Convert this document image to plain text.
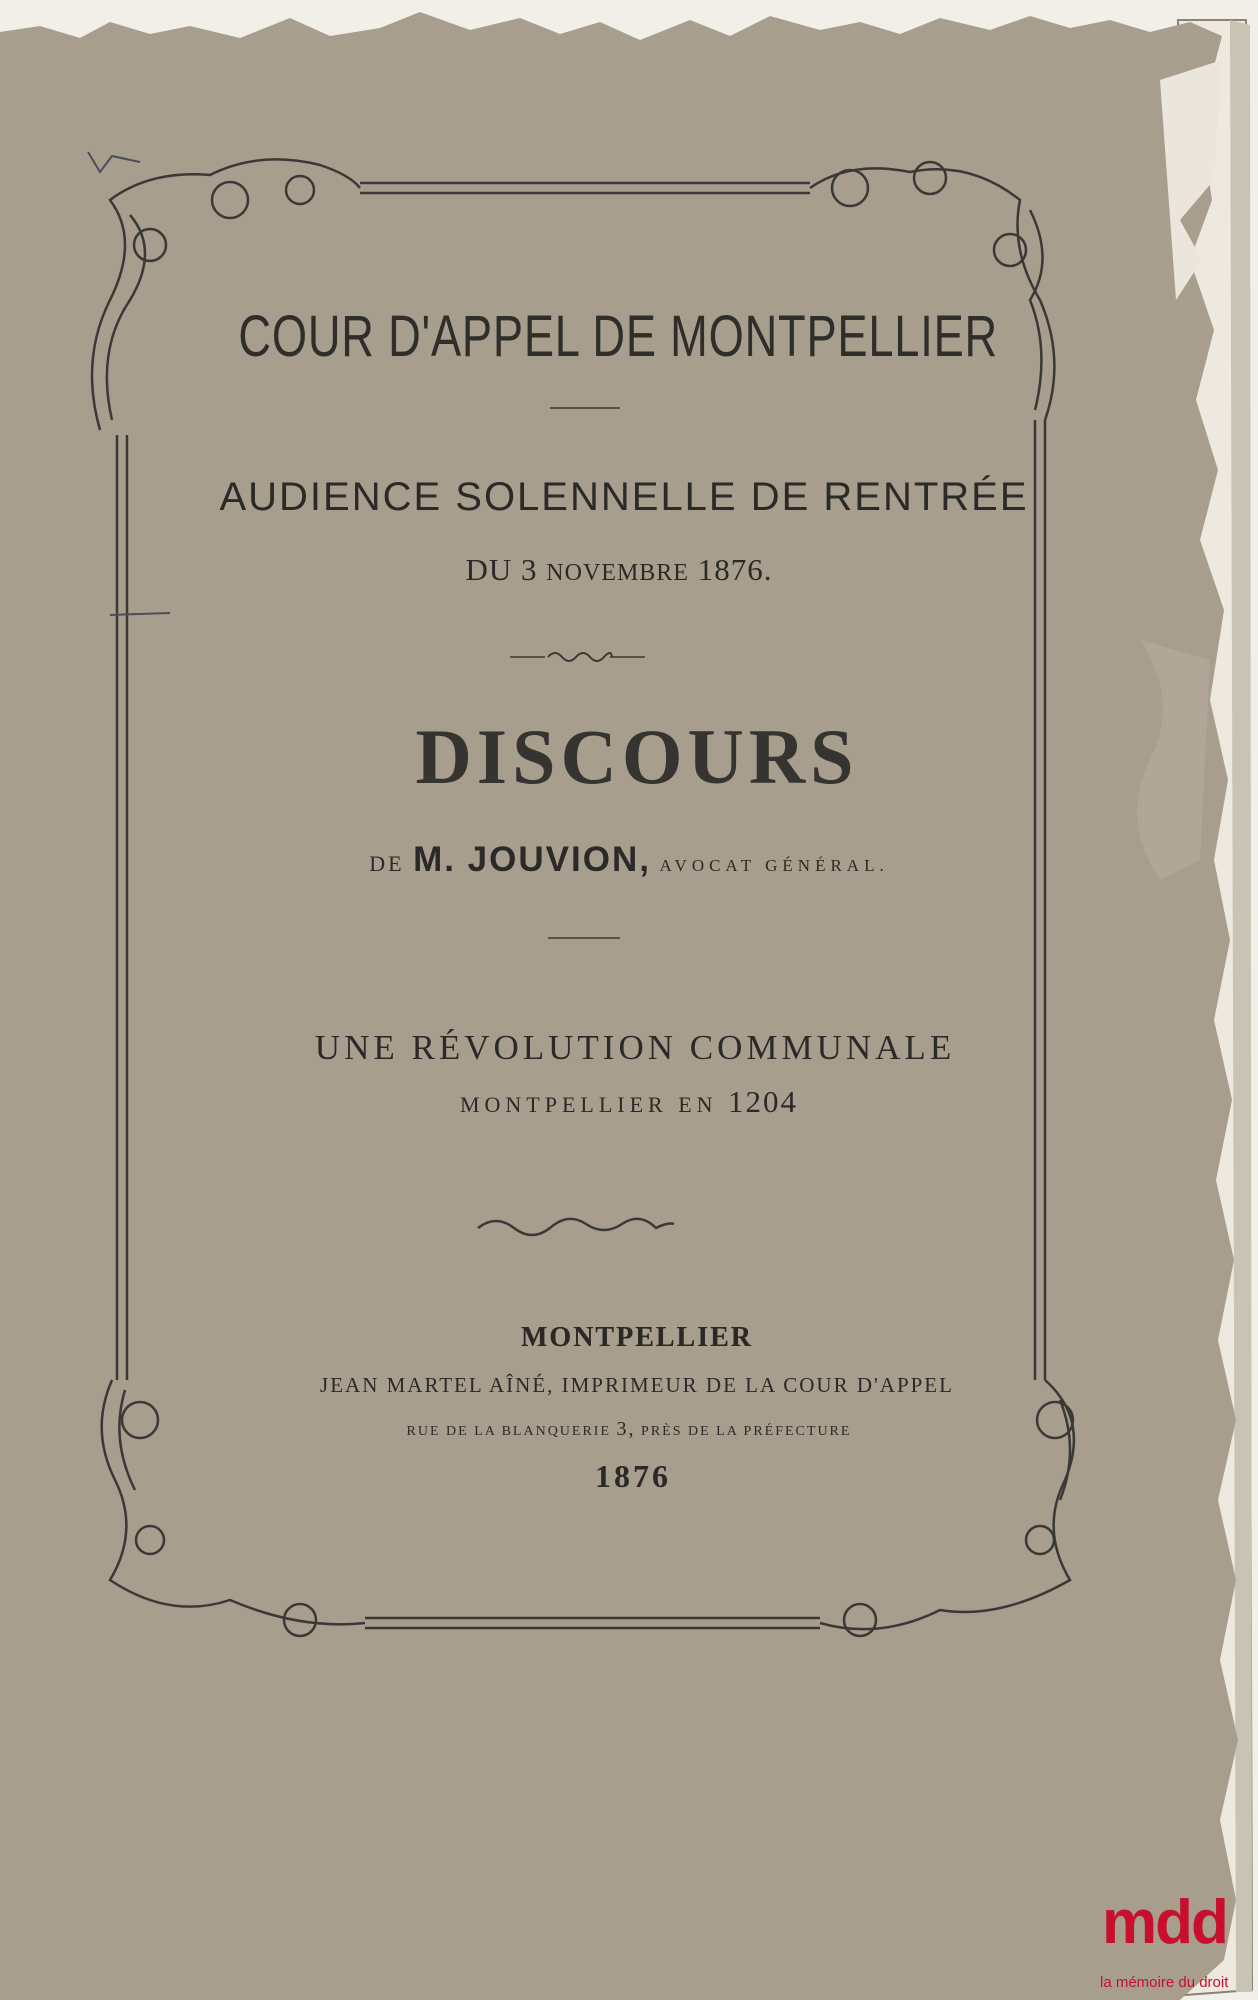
COUR D'APPEL DE MONTPELLIER
AUDIENCE SOLENNELLE DE RENTRÉE
DU 3 NOVEMBRE 1876.
DISCOURS
DE M. JOUVION, AVOCAT GÉNÉRAL.
UNE RÉVOLUTION COMMUNALE
MONTPELLIER EN 1204
MONTPELLIER
JEAN MARTEL AÎNÉ, IMPRIMEUR DE LA COUR D'APPEL
RUE DE LA BLANQUERIE 3, PRÈS DE LA PRÉFECTURE
1876
mdd
la mémoire du droit
